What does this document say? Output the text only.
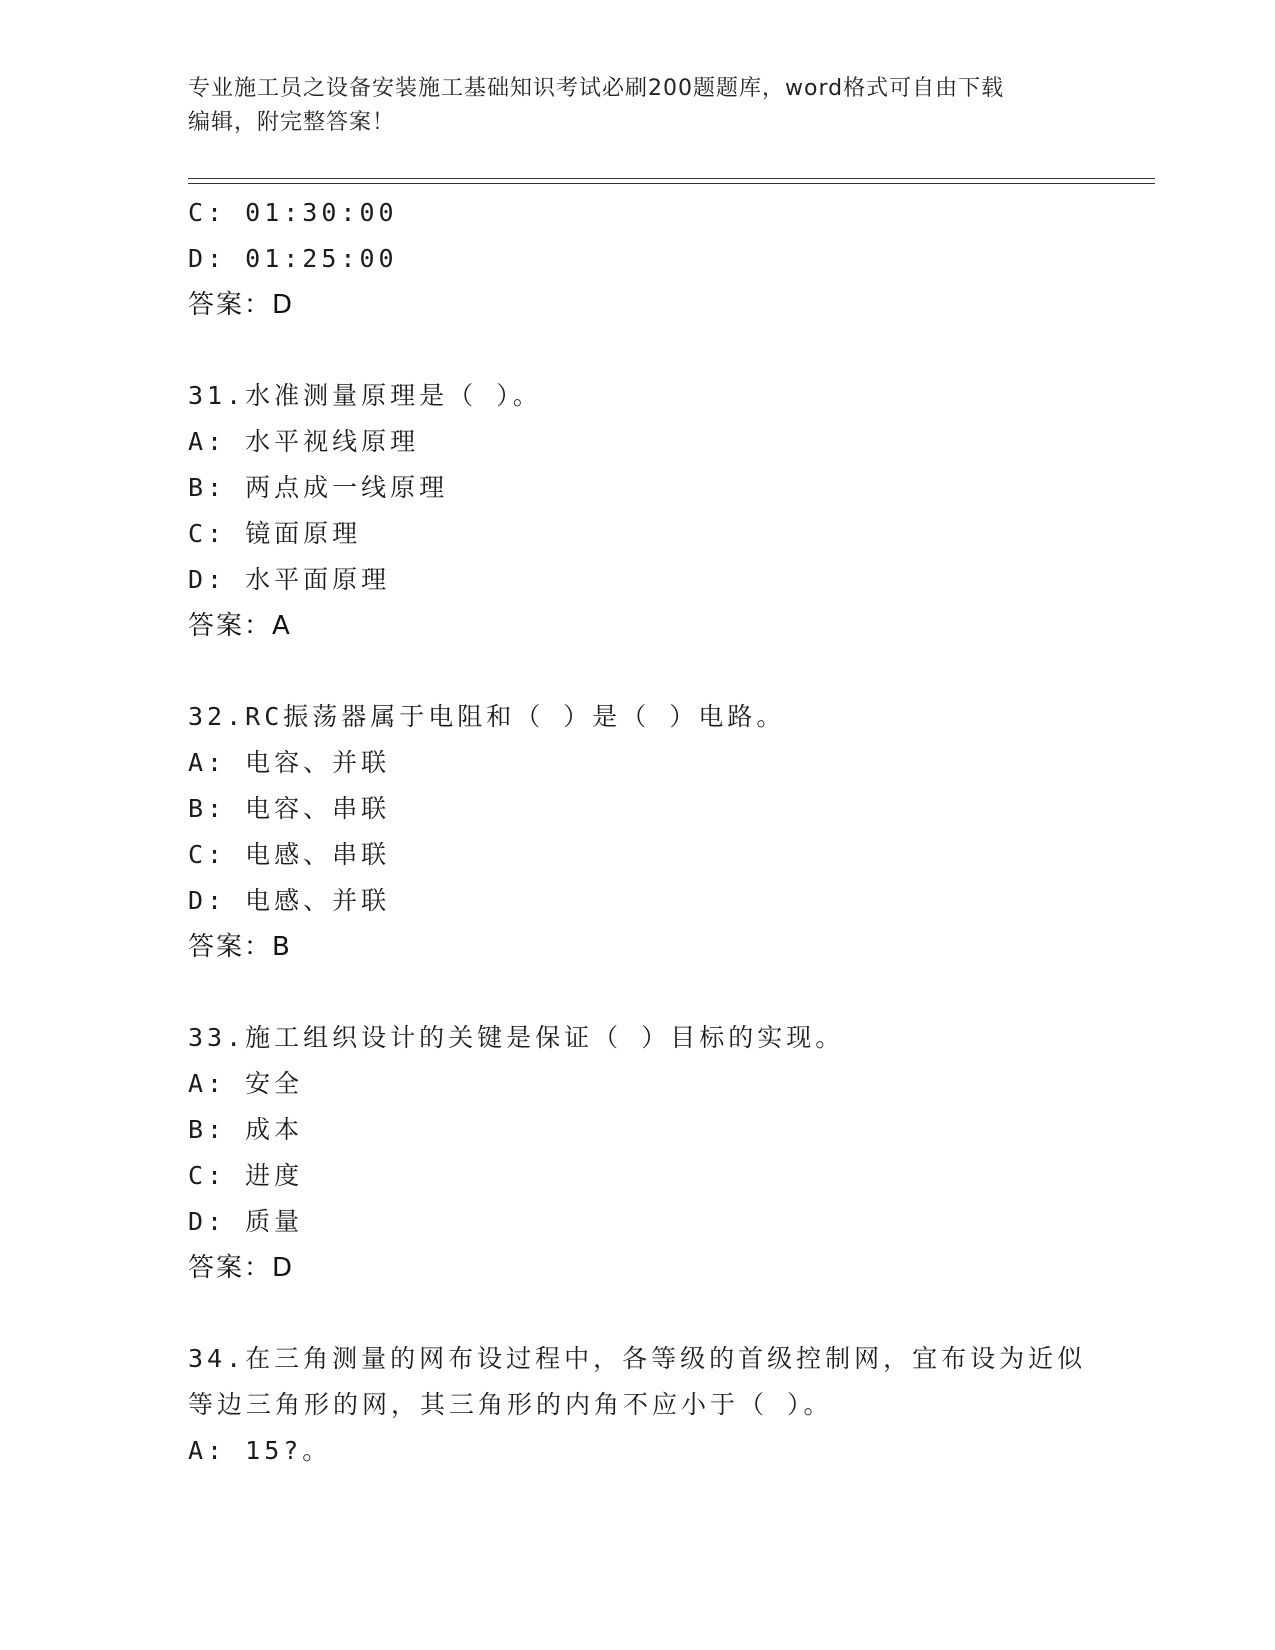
专业施工员之设备安装施工基础知识考试必刷200题题库，word格式可自由下载
编辑，附完整答案！
C: 01:30:00
D: 01:25:00
答案：D
31.水准测量原理是（ ）。
A: 水平视线原理
B: 两点成一线原理
C: 镜面原理
D: 水平面原理
答案：A
32.RC振荡器属于电阻和（ ）是（ ）电路。
A: 电容、并联
B: 电容、串联
C: 电感、串联
D: 电感、并联
答案：B
33.施工组织设计的关键是保证（ ）目标的实现。
A: 安全
B: 成本
C: 进度
D: 质量
答案：D
34.在三角测量的网布设过程中，各等级的首级控制网，宜布设为近似
等边三角形的网，其三角形的内角不应小于（ ）。
A: 15?。
